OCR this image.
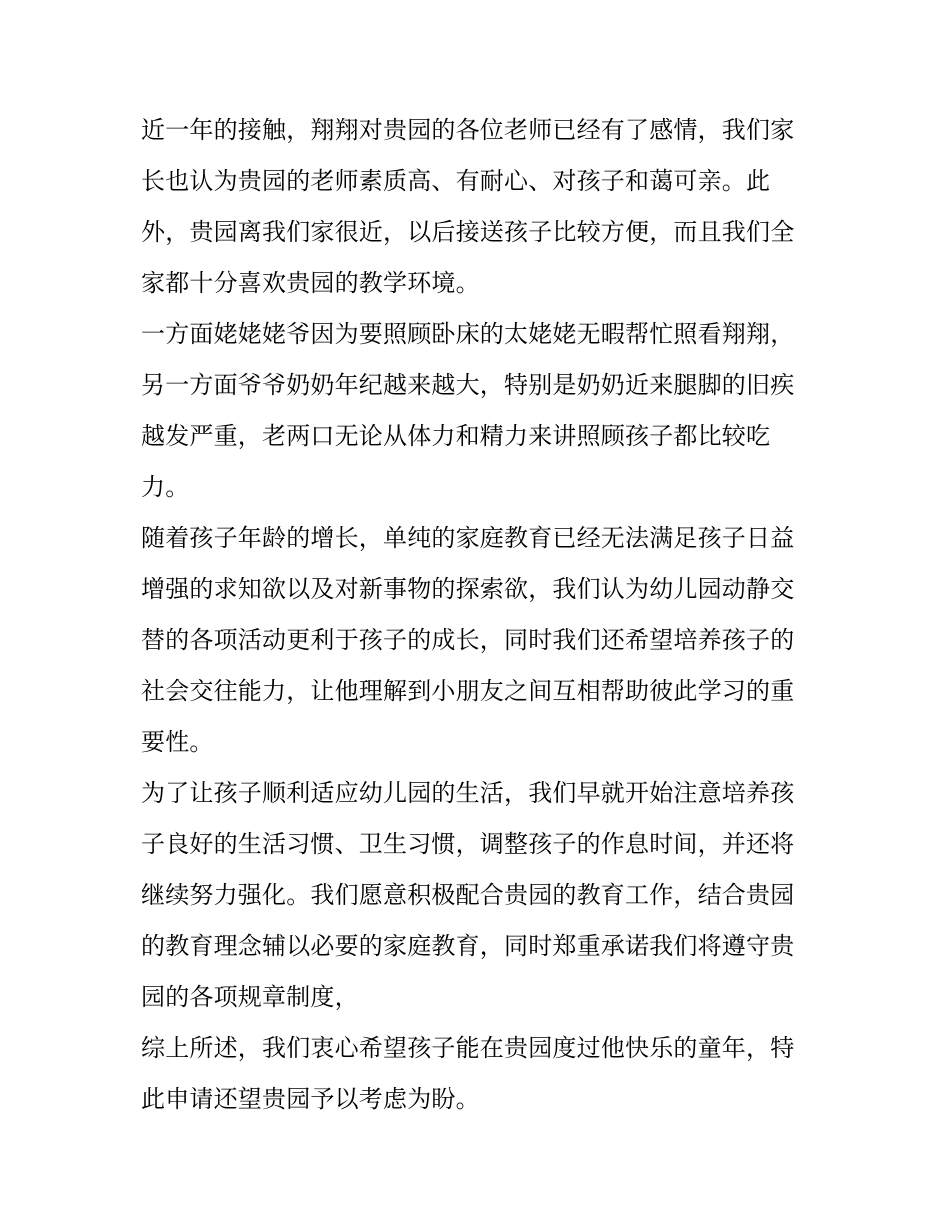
近一年的接触，翔翔对贵园的各位老师已经有了感情，我们家
长也认为贵园的老师素质高、有耐心、对孩子和蔼可亲。此
外，贵园离我们家很近，以后接送孩子比较方便，而且我们全
家都十分喜欢贵园的教学环境。
一方面姥姥姥爷因为要照顾卧床的太姥姥无暇帮忙照看翔翔，
另一方面爷爷奶奶年纪越来越大，特别是奶奶近来腿脚的旧疾
越发严重，老两口无论从体力和精力来讲照顾孩子都比较吃
力。
随着孩子年龄的增长，单纯的家庭教育已经无法满足孩子日益
增强的求知欲以及对新事物的探索欲，我们认为幼儿园动静交
替的各项活动更利于孩子的成长，同时我们还希望培养孩子的
社会交往能力，让他理解到小朋友之间互相帮助彼此学习的重
要性。
为了让孩子顺利适应幼儿园的生活，我们早就开始注意培养孩
子良好的生活习惯、卫生习惯，调整孩子的作息时间，并还将
继续努力强化。我们愿意积极配合贵园的教育工作，结合贵园
的教育理念辅以必要的家庭教育，同时郑重承诺我们将遵守贵
园的各项规章制度，
综上所述，我们衷心希望孩子能在贵园度过他快乐的童年，特
此申请还望贵园予以考虑为盼。
